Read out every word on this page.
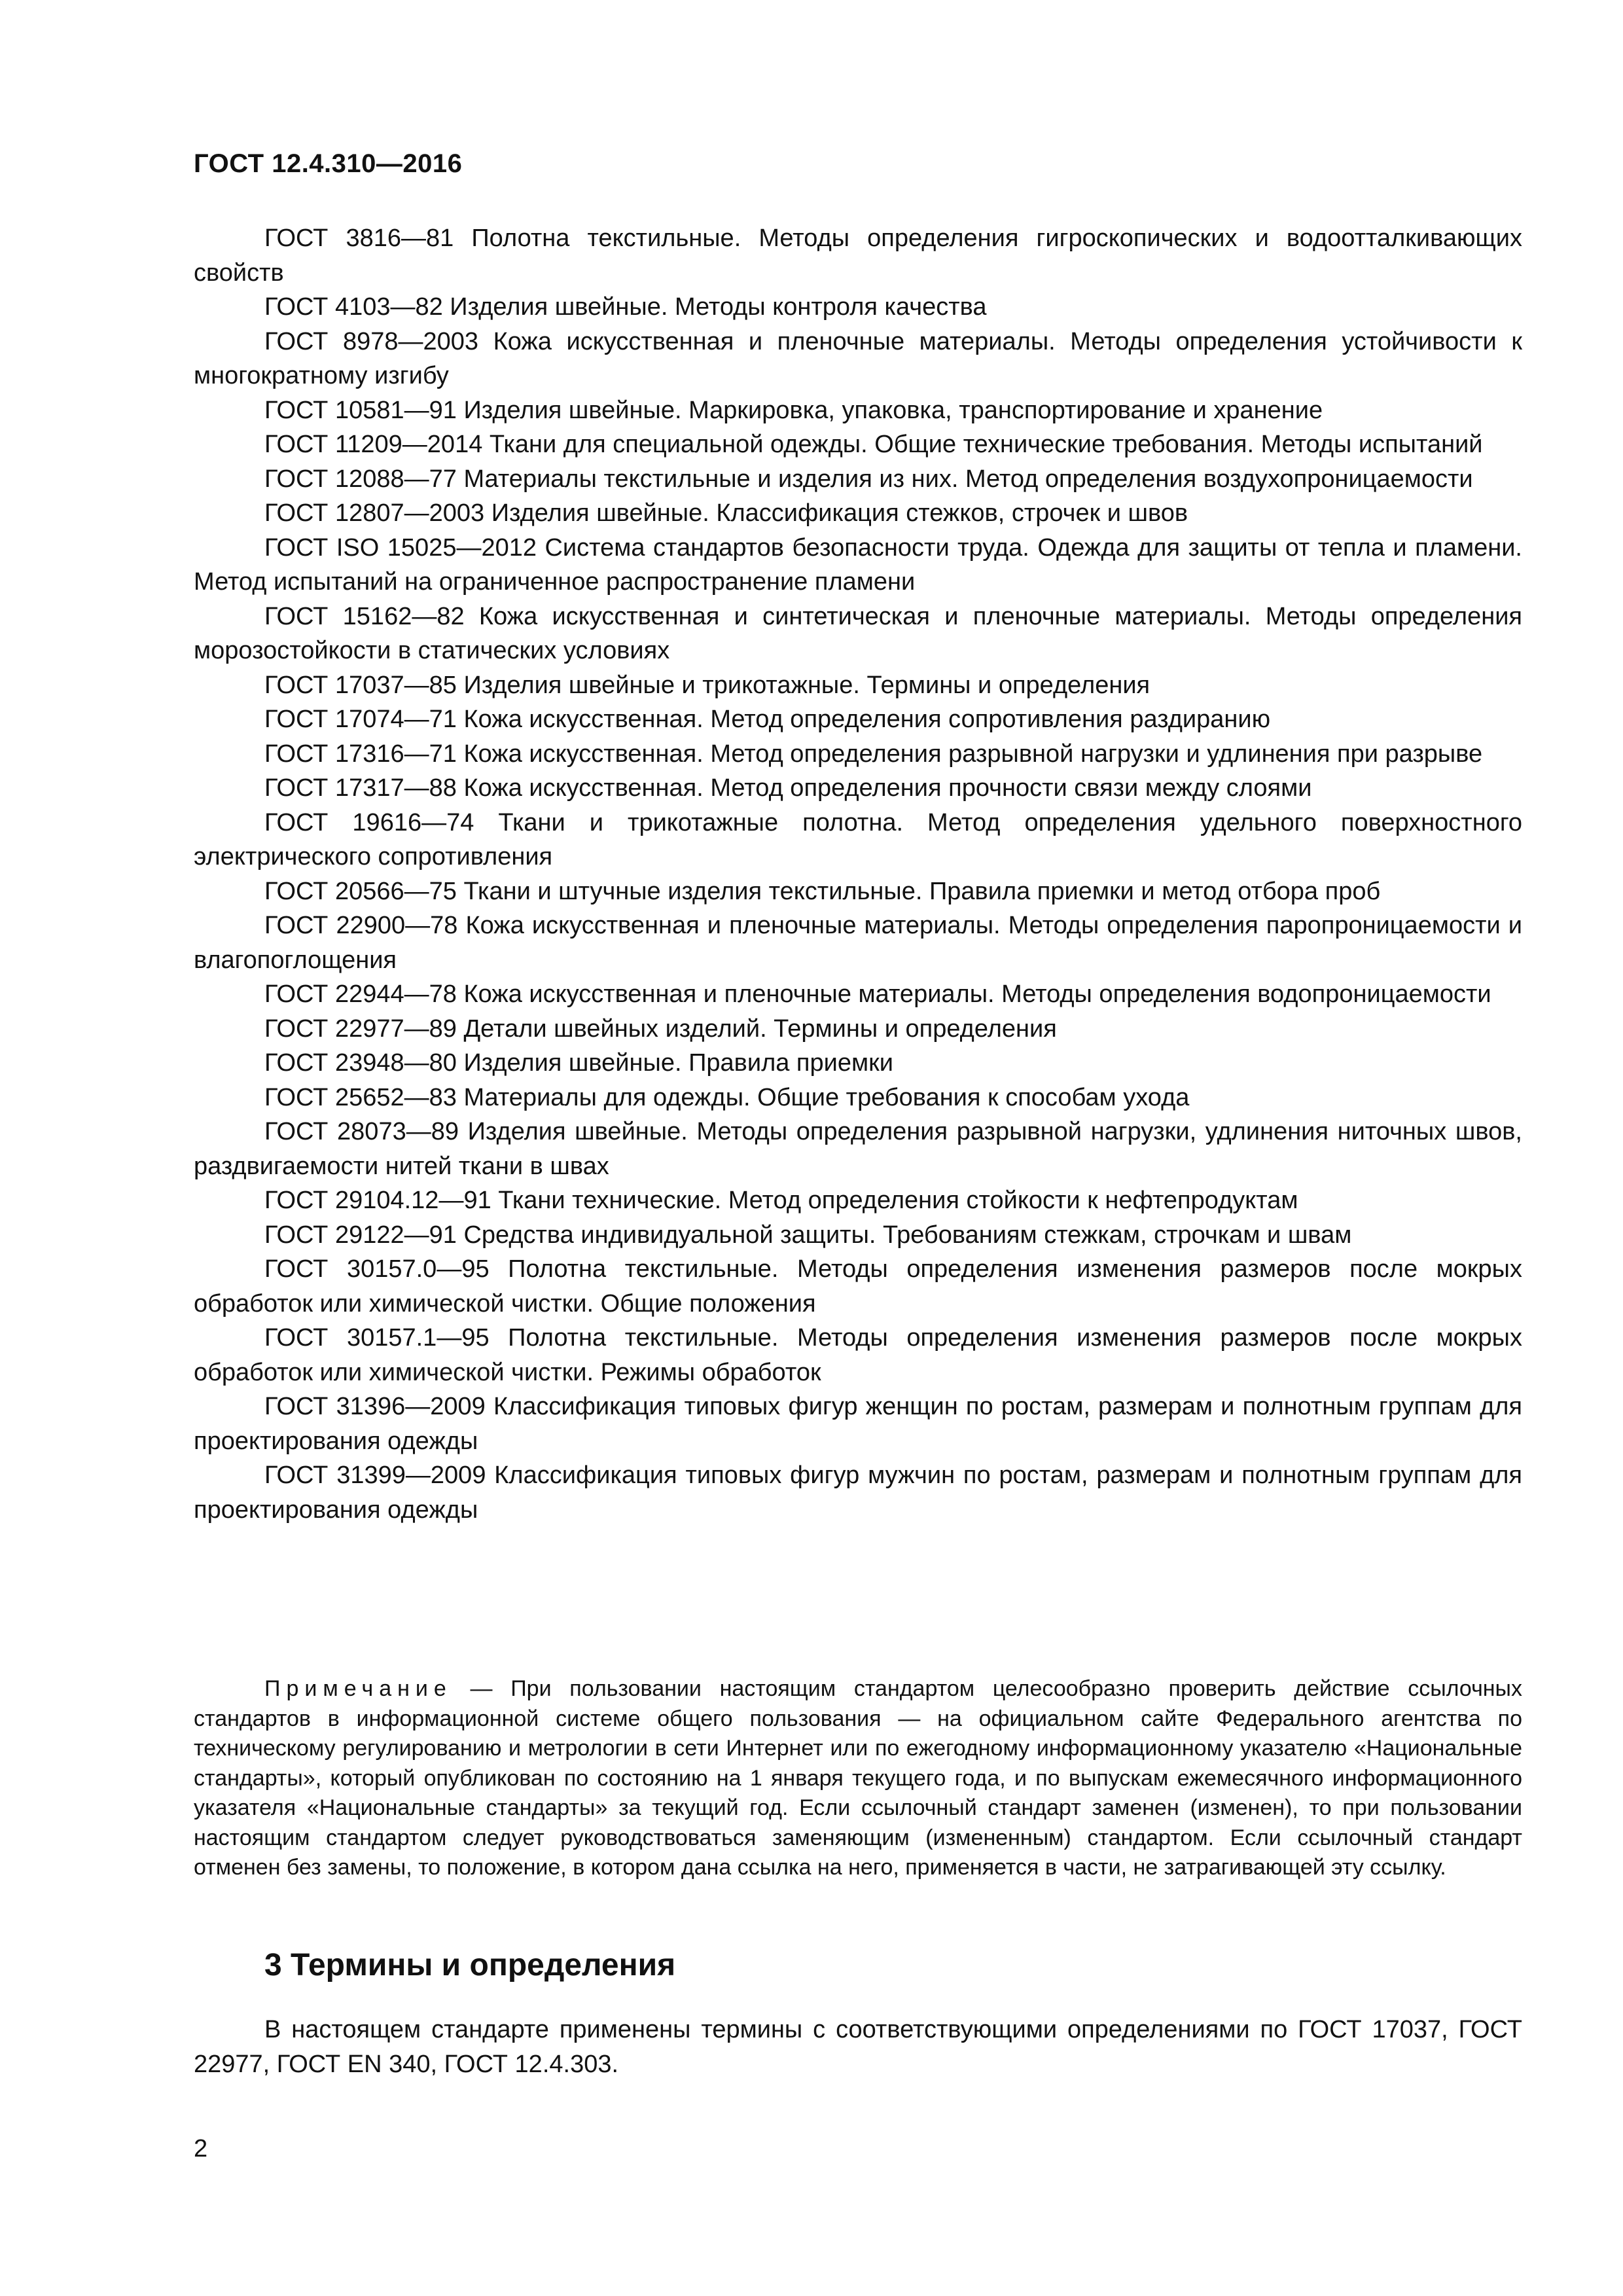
ГОСТ 12.4.310—2016

ГОСТ 3816—81 Полотна текстильные. Методы определения гигроскопических и водоотталкивающих свойств

ГОСТ 4103—82 Изделия швейные. Методы контроля качества

ГОСТ 8978—2003 Кожа искусственная и пленочные материалы. Методы определения устойчивости к многократному изгибу

ГОСТ 10581—91 Изделия швейные. Маркировка, упаковка, транспортирование и хранение

ГОСТ 11209—2014 Ткани для специальной одежды. Общие технические требования. Методы испытаний

ГОСТ 12088—77 Материалы текстильные и изделия из них. Метод определения воздухопроницаемости

ГОСТ 12807—2003 Изделия швейные. Классификация стежков, строчек и швов

ГОСТ ISO 15025—2012 Система стандартов безопасности труда. Одежда для защиты от тепла и пламени. Метод испытаний на ограниченное распространение пламени

ГОСТ 15162—82 Кожа искусственная и синтетическая и пленочные материалы. Методы определения морозостойкости в статических условиях

ГОСТ 17037—85 Изделия швейные и трикотажные. Термины и определения

ГОСТ 17074—71 Кожа искусственная. Метод определения сопротивления раздиранию

ГОСТ 17316—71 Кожа искусственная. Метод определения разрывной нагрузки и удлинения при разрыве

ГОСТ 17317—88 Кожа искусственная. Метод определения прочности связи между слоями

ГОСТ 19616—74 Ткани и трикотажные полотна. Метод определения удельного поверхностного электрического сопротивления

ГОСТ 20566—75 Ткани и штучные изделия текстильные. Правила приемки и метод отбора проб

ГОСТ 22900—78 Кожа искусственная и пленочные материалы. Методы определения паропроницаемости и влагопоглощения

ГОСТ 22944—78 Кожа искусственная и пленочные материалы. Методы определения водопроницаемости

ГОСТ 22977—89 Детали швейных изделий. Термины и определения

ГОСТ 23948—80 Изделия швейные. Правила приемки

ГОСТ 25652—83 Материалы для одежды. Общие требования к способам ухода

ГОСТ 28073—89 Изделия швейные. Методы определения разрывной нагрузки, удлинения ниточных швов, раздвигаемости нитей ткани в швах

ГОСТ 29104.12—91 Ткани технические. Метод определения стойкости к нефтепродуктам

ГОСТ 29122—91 Средства индивидуальной защиты. Требованиям стежкам, строчкам и швам

ГОСТ 30157.0—95 Полотна текстильные. Методы определения изменения размеров после мокрых обработок или химической чистки. Общие положения

ГОСТ 30157.1—95 Полотна текстильные. Методы определения изменения размеров после мокрых обработок или химической чистки. Режимы обработок

ГОСТ 31396—2009 Классификация типовых фигур женщин по ростам, размерам и полнотным группам для проектирования одежды

ГОСТ 31399—2009 Классификация типовых фигур мужчин по ростам, размерам и полнотным группам для проектирования одежды

Примечание — При пользовании настоящим стандартом целесообразно проверить действие ссылочных стандартов в информационной системе общего пользования — на официальном сайте Федерального агентства по техническому регулированию и метрологии в сети Интернет или по ежегодному информационному указателю «Национальные стандарты», который опубликован по состоянию на 1 января текущего года, и по выпускам ежемесячного информационного указателя «Национальные стандарты» за текущий год. Если ссылочный стандарт заменен (изменен), то при пользовании настоящим стандартом следует руководствоваться заменяющим (измененным) стандартом. Если ссылочный стандарт отменен без замены, то положение, в котором дана ссылка на него, применяется в части, не затрагивающей эту ссылку.

3 Термины и определения

В настоящем стандарте применены термины с соответствующими определениями по ГОСТ 17037, ГОСТ 22977, ГОСТ EN 340, ГОСТ 12.4.303.

2
